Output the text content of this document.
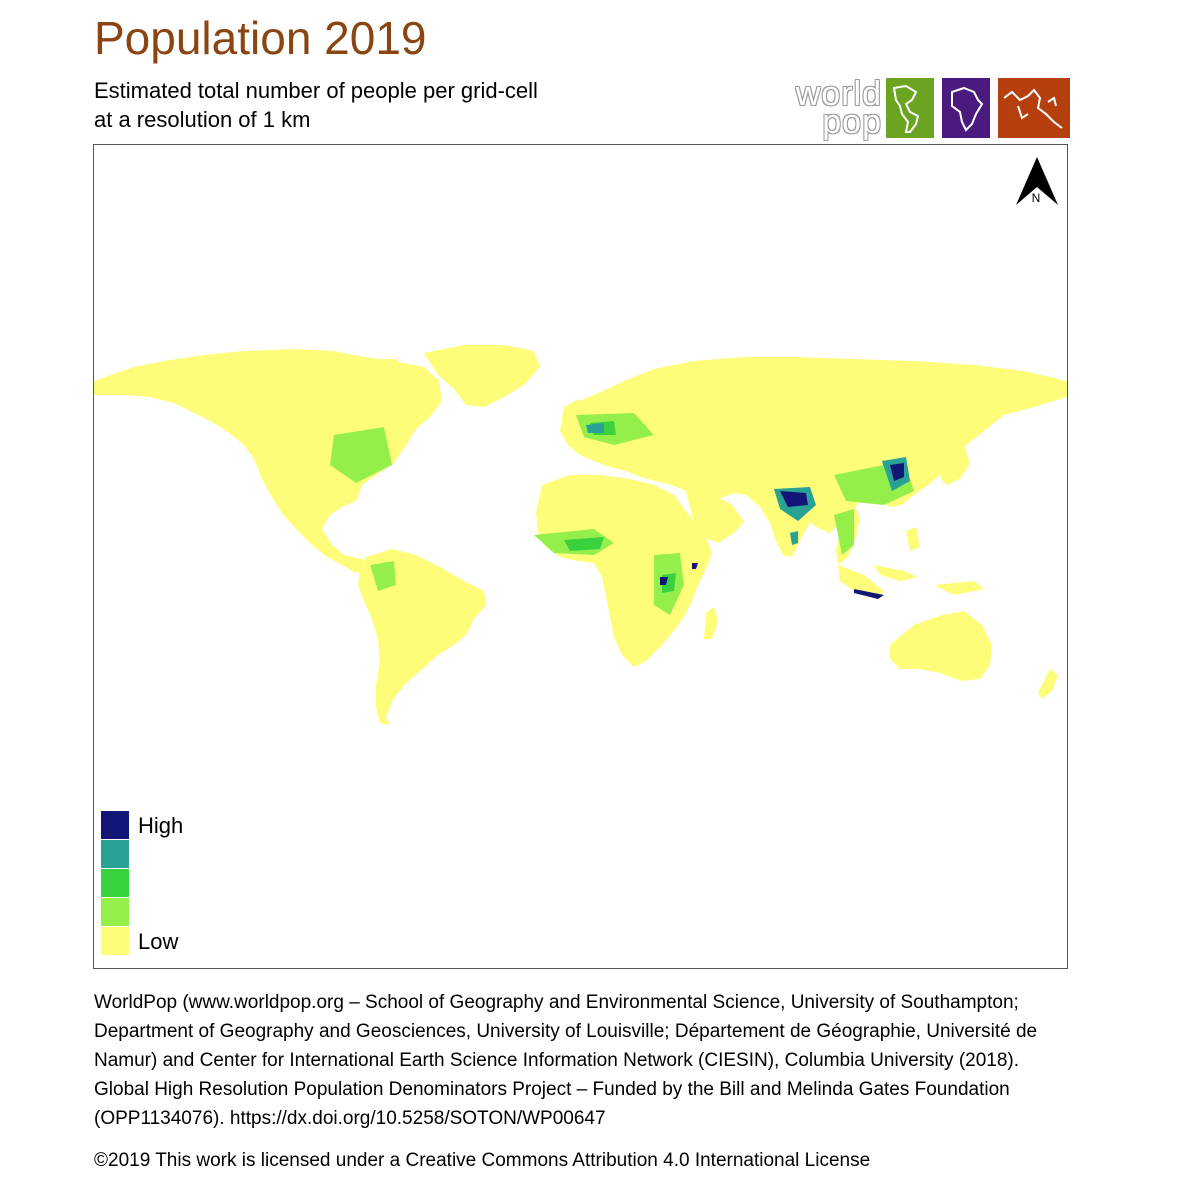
Population 2019
Estimated total number of people per grid-cell
at a resolution of 1 km
world
pop
N
High
Low
WorldPop (www.worldpop.org – School of Geography and Environmental Science, University of Southampton; Department of Geography and Geosciences, University of Louisville; Département de Géographie, Université de Namur) and Center for International Earth Science Information Network (CIESIN), Columbia University (2018). Global High Resolution Population Denominators Project – Funded by the Bill and Melinda Gates Foundation (OPP1134076). https://dx.doi.org/10.5258/SOTON/WP00647
©2019 This work is licensed under a Creative Commons Attribution 4.0 International License
